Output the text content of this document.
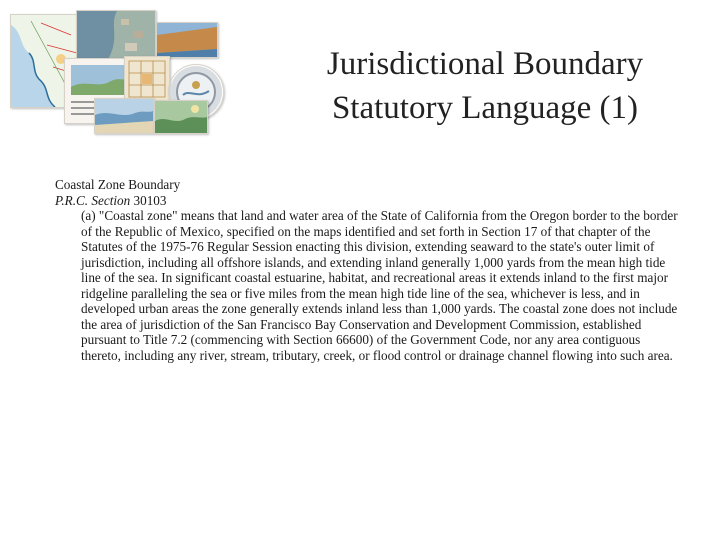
Jurisdictional Boundary
Statutory Language (1)
Coastal Zone Boundary
P.R.C. Section 30103

(a) "Coastal zone" means that land and water area of the State of California from the Oregon border to the border of the Republic of Mexico, specified on the maps identified and set forth in Section 17 of that chapter of the Statutes of the 1975-76 Regular Session enacting this division, extending seaward to the state's outer limit of jurisdiction, including all offshore islands, and extending inland generally 1,000 yards from the mean high tide line of the sea. In significant coastal estuarine, habitat, and recreational areas it extends inland to the first major ridgeline paralleling the sea or five miles from the mean high tide line of the sea, whichever is less, and in developed urban areas the zone generally extends inland less than 1,000 yards. The coastal zone does not include the area of jurisdiction of the San Francisco Bay Conservation and Development Commission, established pursuant to Title 7.2 (commencing with Section 66600) of the Government Code, nor any area contiguous thereto, including any river, stream, tributary, creek, or flood control or drainage channel flowing into such area.
